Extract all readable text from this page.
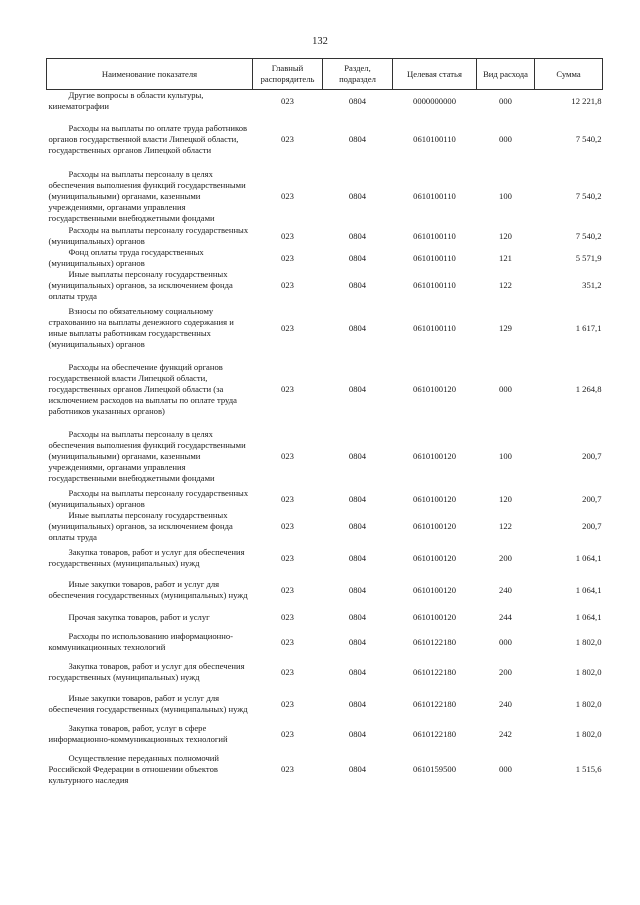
132
Наименование показателя	Главный распорядитель	Раздел, подраздел	Целевая статья	Вид расхода	Сумма
Другие вопросы в области культуры, кинематографии	023	0804	0000000000	000	12 221,8
Расходы на выплаты по оплате труда работников органов государственной власти Липецкой области, государственных органов Липецкой области	023	0804	0610100110	000	7 540,2
Расходы на выплаты персоналу в целях обеспечения выполнения функций государственными (муниципальными) органами, казенными учреждениями, органами управления государственными внебюджетными фондами	023	0804	0610100110	100	7 540,2
Расходы на выплаты персоналу государственных (муниципальных) органов	023	0804	0610100110	120	7 540,2
Фонд оплаты труда государственных (муниципальных) органов	023	0804	0610100110	121	5 571,9
Иные выплаты персоналу государственных (муниципальных) органов, за исключением фонда оплаты труда	023	0804	0610100110	122	351,2
Взносы по обязательному социальному страхованию на выплаты денежного содержания и иные выплаты работникам государственных (муниципальных) органов	023	0804	0610100110	129	1 617,1
Расходы на обеспечение функций органов государственной власти Липецкой области, государственных органов Липецкой области (за исключением расходов на выплаты по оплате труда работников указанных органов)	023	0804	0610100120	000	1 264,8
Расходы на выплаты персоналу в целях обеспечения выполнения функций государственными (муниципальными) органами, казенными учреждениями, органами управления государственными внебюджетными фондами	023	0804	0610100120	100	200,7
Расходы на выплаты персоналу государственных (муниципальных) органов	023	0804	0610100120	120	200,7
Иные выплаты персоналу государственных (муниципальных) органов, за исключением фонда оплаты труда	023	0804	0610100120	122	200,7
Закупка товаров, работ и услуг для обеспечения государственных (муниципальных) нужд	023	0804	0610100120	200	1 064,1
Иные закупки товаров, работ и услуг для обеспечения государственных (муниципальных) нужд	023	0804	0610100120	240	1 064,1
Прочая закупка товаров, работ и услуг	023	0804	0610100120	244	1 064,1
Расходы по использованию информационно-коммуникационных технологий	023	0804	0610122180	000	1 802,0
Закупка товаров, работ и услуг для обеспечения государственных (муниципальных) нужд	023	0804	0610122180	200	1 802,0
Иные закупки товаров, работ и услуг для обеспечения государственных (муниципальных) нужд	023	0804	0610122180	240	1 802,0
Закупка товаров, работ, услуг в сфере информационно-коммуникационных технологий	023	0804	0610122180	242	1 802,0
Осуществление переданных полномочий Российской Федерации в отношении объектов культурного наследия	023	0804	0610159500	000	1 515,6
